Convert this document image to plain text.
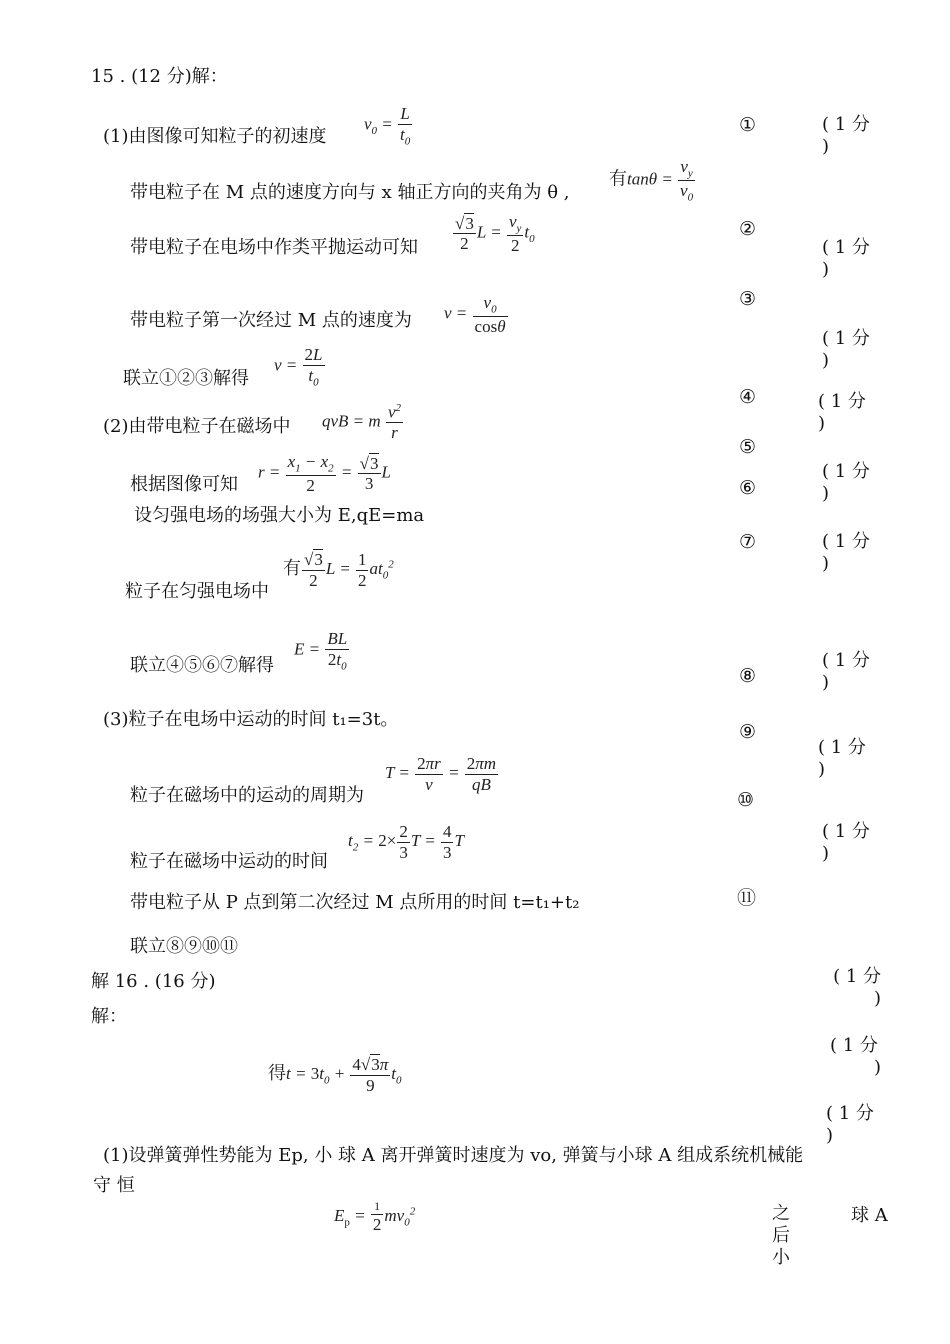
15 . (12 分)解：
(1)由图像可知粒子的初速度
$v_0 = \frac{L}{t_0}$
带电粒子在 M 点的速度方向与 x 轴正方向的夹角为 θ ,
有$\tan\theta = \frac{v_y}{v_0}$
带电粒子在电场中作类平抛运动可知 $\frac{√3}{2}$ $L = \frac{v_y}{2} t_0$
带电粒子第一次经过 M 点的速度为 $v = \frac{v_0}{\cos\theta}$
联立①②③解得
$v = \frac{2L}{t_0}$
(2)由带电粒子在磁场中 qvB = m $\frac{v^2}{r}$
根据图像可知
$r = \frac{x_1 - x_2}{2} = \frac{√3}{3}$ L
设匀强电场的场强大小为 E,qE=ma
粒子在匀强电场中
有 $\frac{√3}{2}$ $L = \frac{1}{2} at_0^2$
联立④⑤⑥⑦解得
$E = \frac{BL}{2t_0}$
(3)粒子在电场中运动的时间 t₁=3t。
粒子在磁场中的运动的周期为
$T = \frac{2\pi r}{v} = \frac{2\pi m}{qB}$
粒子在磁场中运动的时间
$t_2 = 2\times \frac{2}{3}$ $T = \frac{4}{3}$ T
带电粒子从 P 点到第二次经过 M 点所用的时间 t=t₁+t₂
联立⑧⑨⑩⑪
①
②
③
④
⑤
⑥
⑦
⑧
⑨
⑩
⑪
( 1 分
)
( 1 分
)
( 1 分
)
( 1 分
)
( 1 分
)
( 1 分
)
( 1 分
)
( 1 分
)
( 1 分
)
解 16 . (16 分)
解：
得$t = 3t_0 + \frac{4√3\pi}{9} t_0$
( 1 分
)
( 1 分
)
( 1 分
)
(1)设弹簧弹性势能为 Ep, 小 球 A 离开弹簧时速度为 vo, 弹簧与小球 A 组成系统机械能
守 恒
$E_p = \frac{1}{2} mv_0^2$	之后小
球 A
